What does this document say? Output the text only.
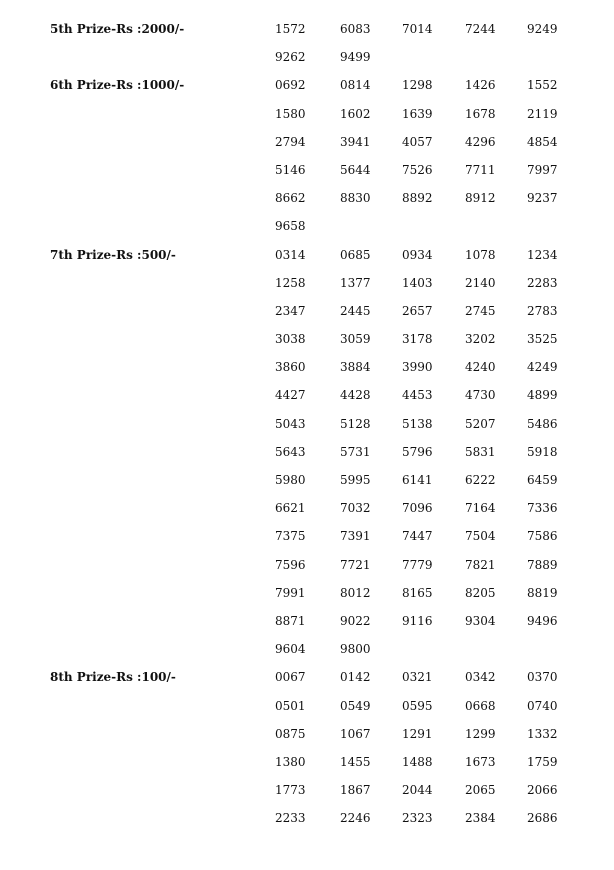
5th Prize-Rs :2000/-	1572	6083	7014	7244	9249
9262	9499
6th Prize-Rs :1000/-	0692	0814	1298	1426	1552
1580	1602	1639	1678	2119
2794	3941	4057	4296	4854
5146	5644	7526	7711	7997
8662	8830	8892	8912	9237
9658
7th Prize-Rs :500/-	0314	0685	0934	1078	1234
1258	1377	1403	2140	2283
2347	2445	2657	2745	2783
3038	3059	3178	3202	3525
3860	3884	3990	4240	4249
4427	4428	4453	4730	4899
5043	5128	5138	5207	5486
5643	5731	5796	5831	5918
5980	5995	6141	6222	6459
6621	7032	7096	7164	7336
7375	7391	7447	7504	7586
7596	7721	7779	7821	7889
7991	8012	8165	8205	8819
8871	9022	9116	9304	9496
9604	9800
8th Prize-Rs :100/-	0067	0142	0321	0342	0370
0501	0549	0595	0668	0740
0875	1067	1291	1299	1332
1380	1455	1488	1673	1759
1773	1867	2044	2065	2066
2233	2246	2323	2384	2686
